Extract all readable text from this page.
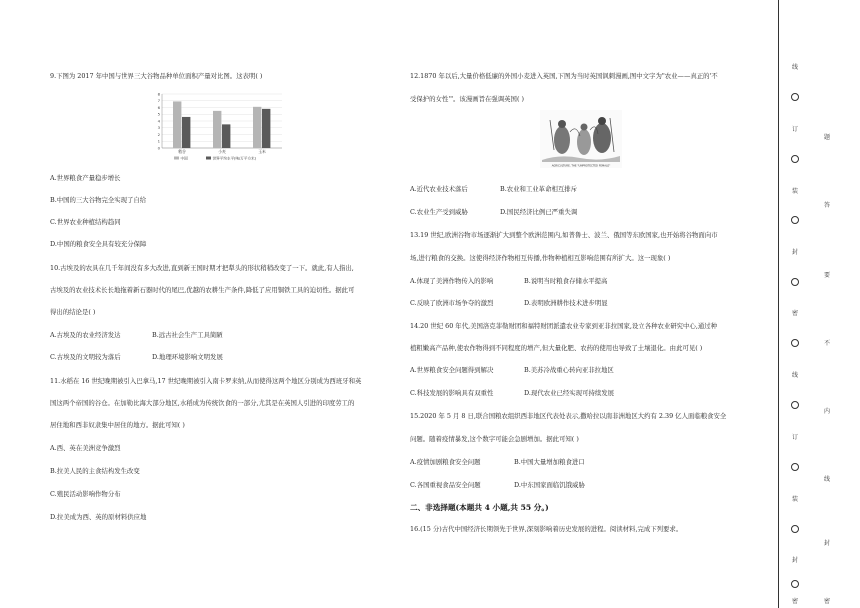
9.下图为 2017 年中国与世界三大谷物品种单位面积产量对比图。这表明( )
0
1
2
3
4
5
6
7
8
稻谷	小麦	玉米
中国	世界平均水平(吨/万平方米)
A.世界粮食产量稳步增长
B.中国的三大谷物完全实现了自给
C.世界农业种植结构趋同
D.中国的粮食安全具有较充分保障
10.古埃及的农具在几千年间没有多大改进,直到新王国时期才把犁头的形状稍稍改变了一下。就此,有人指出,
古埃及的农业技术长长地拖着新石器时代的尾巴,优越的农耕生产条件,降低了应用铜铁工具的迫切性。据此可
得出的结论是( )
A.古埃及的农业经济发达	B.远古社会生产工具简陋
C.古埃及的文明较为落后	D.地理环境影响文明发展
11.水稻在 16 世纪晚期被引入巴拿马,17 世纪晚期被引入南卡罗来纳,从而使得这两个地区分别成为西班牙和英
国这两个帝国的谷仓。在加勒比海大部分地区,水稻成为传统饮食的一部分,尤其是在英国人引进的印度劳工的
居住地和西非奴隶集中居住的地方。据此可知( )
A.西、英在美洲竞争激烈
B.拉美人民的主食结构发生改变
C.殖民活动影响作物分布
D.拉美成为西、英的原材料供应地
12.1870 年以后,大量价格低廉的外国小麦进入英国,下图为当时英国讽刺漫画,图中文字为"农业——真正的'不
受保护的女性'"。该漫画旨在强调英国( )
AGRICULTURE. THE "UNPROTECTED FEMALE"
A.近代农业技术落后	B.农业和工业革命相互排斥
C.农业生产受到威胁	D.国民经济比例已严重失调
13.19 世纪,欧洲谷物市场逐渐扩大到整个欧洲范围内,如普鲁士、波兰、俄国等东欧国家,也开始将谷物面向市
场,进行粮食的交换。这使得经济作物相互传播,作物种植相互影响范围有所扩大。这一现象( )
A.体现了美洲作物传入的影响	B.说明当时粮食存储水平提高
C.反映了欧洲市场争夺的激烈	D.表明欧洲耕作技术进步明显
14.20 世纪 60 年代,美国洛克菲勒财团和福特财团派遣农业专家到亚非拉国家,设立各种农业研究中心,通过种
植粗嫩高产品种,使农作物得到不同程度的增产,但大量化肥、农药的使用也导致了土壤退化。由此可见( )
A.世界粮食安全问题得到解决	B.美苏冷战重心转向亚非拉地区
C.科技发展的影响具有双重性	D.现代农业已经实现可持续发展
15.2020 年 5 月 8 日,联合国粮农组织西非地区代表处表示,撒哈拉以南非洲地区大约有 2.39 亿人面临粮食安全
问题。随着疫情暴发,这个数字可能会急剧增加。据此可知( )
A.疫情加剧粮食安全问题	B.中国大量增加粮食进口
C.各国重视食品安全问题	D.中东国家面临饥饿威胁
二、非选择题(本题共 4 小题,共 55 分。)
16.(15 分)古代中国经济长期领先于世界,深刻影响着历史发展的进程。阅读材料,完成下列要求。
线
订
装
封
密
线
订
装
封
密
题
答
要
不
内
线
封
密
